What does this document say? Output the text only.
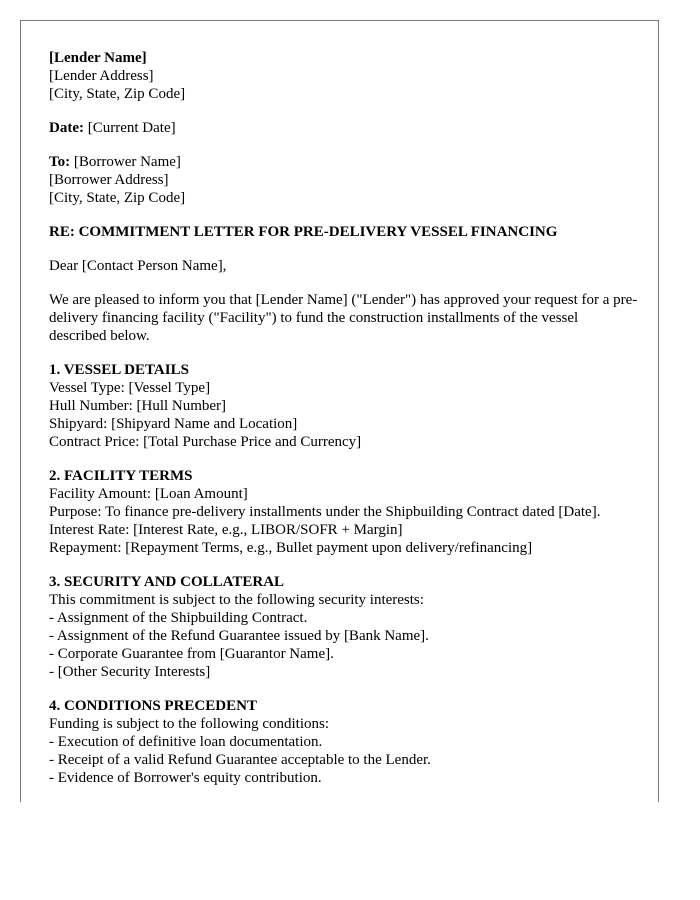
[Lender Name]
[Lender Address]
[City, State, Zip Code]
Date: [Current Date]
To: [Borrower Name]
[Borrower Address]
[City, State, Zip Code]
RE: COMMITMENT LETTER FOR PRE-DELIVERY VESSEL FINANCING
Dear [Contact Person Name],

We are pleased to inform you that [Lender Name] ("Lender") has approved your request for a pre-delivery financing facility ("Facility") to fund the construction installments of the vessel described below.

1. VESSEL DETAILS
Vessel Type: [Vessel Type]
Hull Number: [Hull Number]
Shipyard: [Shipyard Name and Location]
Contract Price: [Total Purchase Price and Currency]
2. FACILITY TERMS
Facility Amount: [Loan Amount]
Purpose: To finance pre-delivery installments under the Shipbuilding Contract dated [Date].
Interest Rate: [Interest Rate, e.g., LIBOR/SOFR + Margin]
Repayment: [Repayment Terms, e.g., Bullet payment upon delivery/refinancing]
3. SECURITY AND COLLATERAL
This commitment is subject to the following security interests:
- Assignment of the Shipbuilding Contract.
- Assignment of the Refund Guarantee issued by [Bank Name].
- Corporate Guarantee from [Guarantor Name].
- [Other Security Interests]
4. CONDITIONS PRECEDENT
Funding is subject to the following conditions:
- Execution of definitive loan documentation.
- Receipt of a valid Refund Guarantee acceptable to the Lender.
- Evidence of Borrower's equity contribution.
